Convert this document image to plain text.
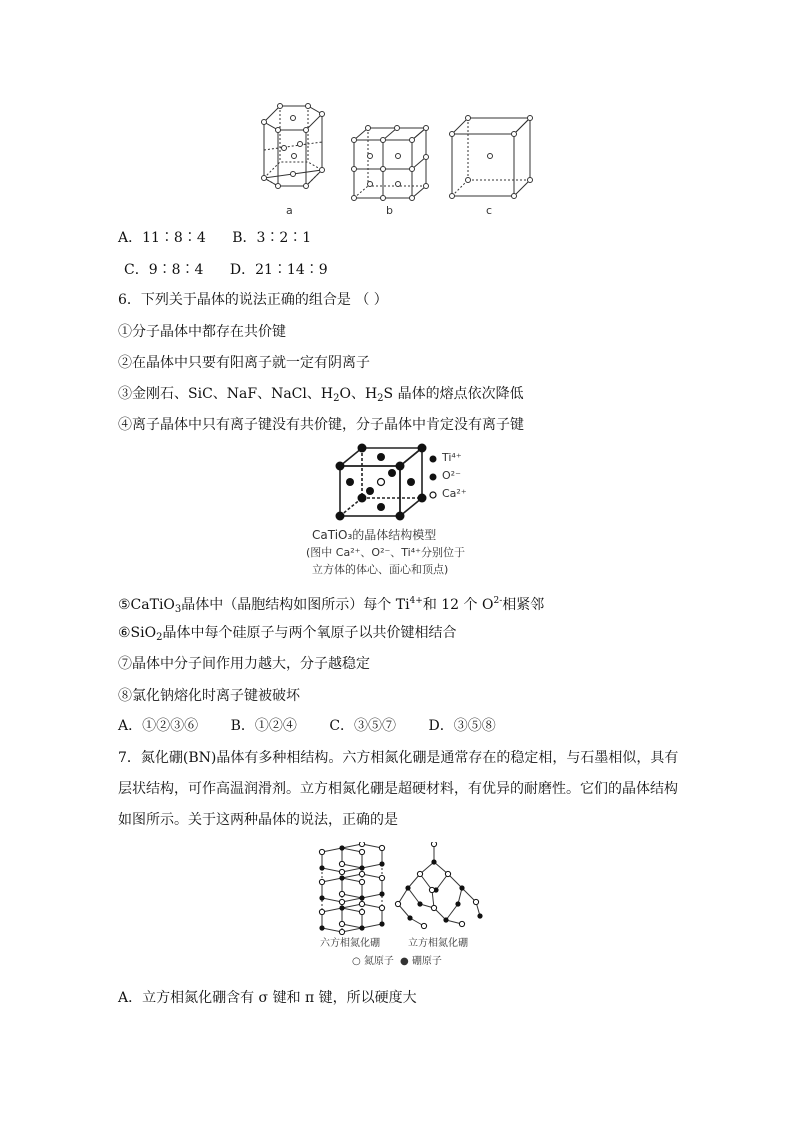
a	b	c
A．11∶8∶4 B．3∶2∶1
C．9∶8∶4 D．21∶14∶9
6．下列关于晶体的说法正确的组合是 （ ）
①分子晶体中都存在共价键
②在晶体中只要有阳离子就一定有阴离子
③金刚石、SiC、NaF、NaCl、$H_2O$、$H_2S$ 晶体的熔点依次降低
④离子晶体中只有离子键没有共价键，分子晶体中肯定没有离子键
Ti⁴⁺
O²⁻
Ca²⁺
CaTiO₃的晶体结构模型
(图中 Ca²⁺、O²⁻、Ti⁴⁺分别位于
立方体的体心、面心和顶点)
⑤CaTiO$_3$晶体中（晶胞结构如图所示）每个 $Ti^{4+}$和 12 个 $O^{2-}$相紧邻
⑥SiO$_2$晶体中每个硅原子与两个氧原子以共价键相结合
⑦晶体中分子间作用力越大，分子越稳定
⑧氯化钠熔化时离子键被破坏
A．①②③⑥ B．①②④ C．③⑤⑦ D．③⑤⑧
7．氮化硼(BN)晶体有多种相结构。六方相氮化硼是通常存在的稳定相，与石墨相似，具有
层状结构，可作高温润滑剂。立方相氮化硼是超硬材料，有优异的耐磨性。它们的晶体结构
如图所示。关于这两种晶体的说法，正确的是
六方相氮化硼	立方相氮化硼
○ 氮原子 ● 硼原子
A．立方相氮化硼含有 σ 键和 π 键，所以硬度大
